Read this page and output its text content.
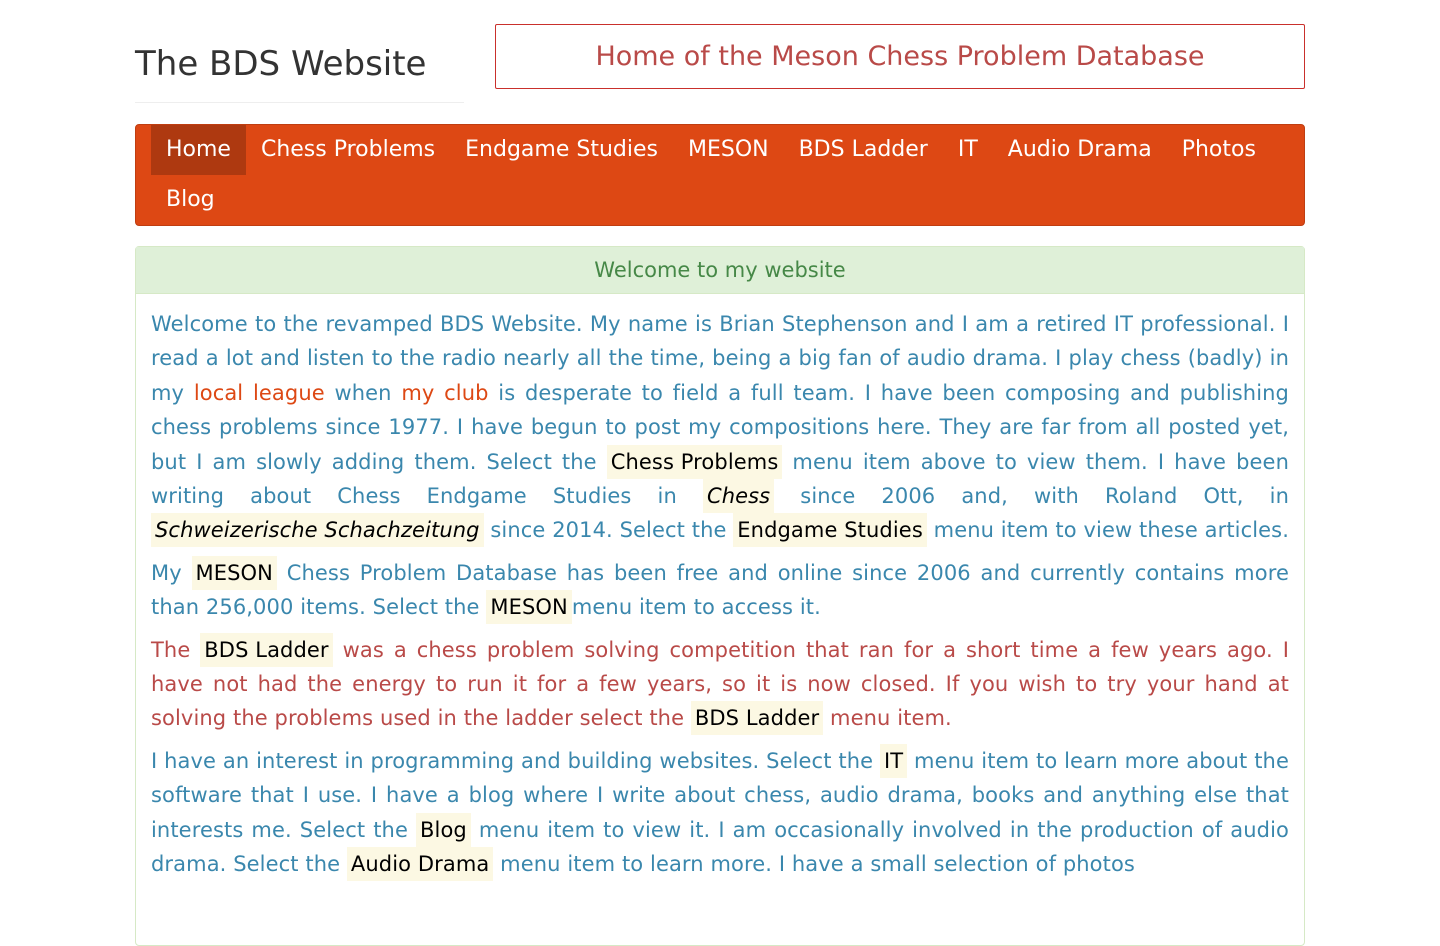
The BDS Website	Home of the Meson Chess Problem Database
Home	Chess Problems	Endgame Studies	MESON	BDS Ladder	IT	Audio Drama	Photos
Blog
Welcome to my website

Welcome to the revamped BDS Website. My name is Brian Stephenson and I am a retired IT professional. I read a lot and listen to the radio nearly all the time, being a big fan of audio drama. I play chess (badly) in my local league when my club is desperate to field a full team. I have been composing and publishing chess problems since 1977. I have begun to post my compositions here. They are far from all posted yet, but I am slowly adding them. Select the Chess Problems menu item above to view them. I have been writing about Chess Endgame Studies in Chess since 2006 and, with Roland Ott, in Schweizerische Schachzeitung since 2014. Select the Endgame Studies menu item to view these articles.

My MESON Chess Problem Database has been free and online since 2006 and currently contains more than 256,000 items. Select the MESON menu item to access it.

The BDS Ladder was a chess problem solving competition that ran for a short time a few years ago. I have not had the energy to run it for a few years, so it is now closed. If you wish to try your hand at solving the problems used in the ladder select the BDS Ladder menu item.

I have an interest in programming and building websites. Select the IT menu item to learn more about the software that I use. I have a blog where I write about chess, audio drama, books and anything else that interests me. Select the Blog menu item to view it. I am occasionally involved in the production of audio drama. Select the Audio Drama menu item to learn more. I have a small selection of photos
